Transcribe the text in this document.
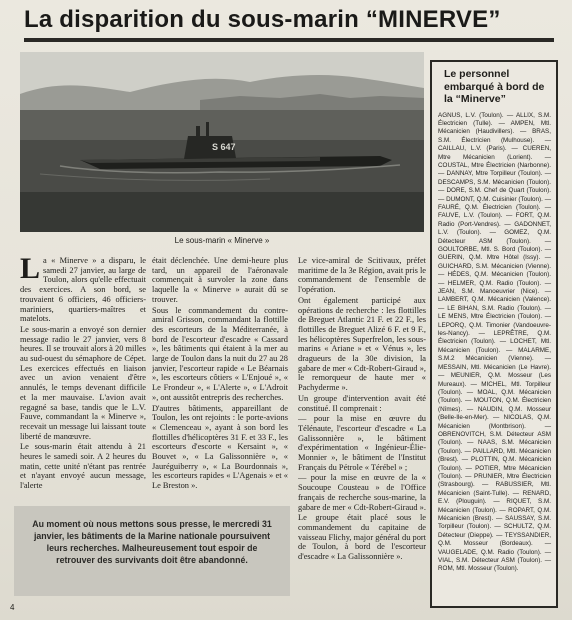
La disparition du sous-marin “MINERVE”
S 647
Le sous-marin « Minerve »

La « Minerve » a disparu, le samedi 27 janvier, au large de Toulon, alors qu'elle effectuait des exercices. A son bord, se trouvaient 6 officiers, 46 officiers-mariniers, quartiers-maîtres et matelots.

Le sous-marin a envoyé son dernier message radio le 27 janvier, vers 8 heures. Il se trouvait alors à 20 milles au sud-ouest du sémaphore de Cépet. Les exercices effectués en liaison avec un avion venaient d'être annulés, le temps devenant difficile et la mer mauvaise. L'avion avait regagné sa base, tandis que le L.V. Fauve, commandant la « Minerve », recevait un message lui laissant toute liberté de manœuvre.

Le sous-marin était attendu à 21 heures le samedi soir. A 2 heures du matin, cette unité n'étant pas rentrée et n'ayant envoyé aucun message, l'alerte

était déclenchée. Une demi-heure plus tard, un appareil de l'aéronavale commençait à survoler la zone dans laquelle la « Minerve » aurait dû se trouver.

Sous le commandement du contre-amiral Grisson, commandant la flottille des escorteurs de la Méditerranée, à bord de l'escorteur d'escadre « Cassard », les bâtiments qui étaient à la mer au large de Toulon dans la nuit du 27 au 28 janvier, l'escorteur rapide « Le Béarnais », les escorteurs côtiers « L'Enjoué », « Le Frondeur », « L'Alerte », « L'Adroit », ont aussitôt entrepris des recherches.

D'autres bâtiments, appareillant de Toulon, les ont rejoints : le porte-avions « Clemenceau », ayant à son bord les flottilles d'hélicoptères 31 F. et 33 F., les escorteurs d'escorte « Kersaint », « Bouvet », « La Galissonnière », « Jauréguiberry », « La Bourdonnais », les escorteurs rapides « L'Agenais » et « Le Breston ».

Le vice-amiral de Scitivaux, préfet maritime de la 3e Région, avait pris le commandement de l'ensemble de l'opération.

Ont également participé aux opérations de recherche : les flottilles de Breguet Atlantic 21 F. et 22 F., les flottilles de Breguet Alizé 6 F. et 9 F., les hélicoptères Superfrelon, les sous-marins « Ariane » et « Vénus », les dragueurs de la 30e division, la gabare de mer « Cdt-Robert-Giraud », le remorqueur de haute mer « Pachyderme ».

Un groupe d'intervention avait été constitué. Il comprenait :

— pour la mise en œuvre du Télénaute, l'escorteur d'escadre « La Galissonnière », le bâtiment d'expérimentation « Ingénieur-Élie-Monnier », le bâtiment de l'Institut Français du Pétrole « Térébel » ;

— pour la mise en œuvre de la « Soucoupe Cousteau » de l'Office français de recherche sous-marine, la gabare de mer « Cdt-Robert-Giraud ».

Le groupe était placé sous le commandement du capitaine de vaisseau Flichy, major général du port de Toulon, à bord de l'escorteur d'escadre « La Galissonnière ».

Au moment où nous mettons sous presse, le mercredi 31 janvier, les bâtiments de la Marine nationale poursuivent leurs recherches. Malheureusement tout espoir de retrouver des survivants doit être abandonné.

4
Le personnel embarqué à bord de la “Minerve”
AGNUS, L.V. (Toulon). — ALLIX, S.M. Électricien (Tulle). — AMPEN, Mtl. Mécanicien (Haudivillers). — BRAS, S.M. Électricien (Mulhouse). — CAILLAU, L.V. (Paris). — CUEREN, Mtre Mécanicien (Lorient). — COUSTAL, Mtre Électricien (Narbonne). — DANNAY, Mtre Torpilleur (Toulon). — DESCAMPS, S.M. Mécanicien (Toulon). — DORE, S.M. Chef de Quart (Toulon). — DUMONT, Q.M. Cuisinier (Toulon). — FAURÉ, Q.M. Électricien (Toulon). — FAUVE, L.V. (Toulon). — FORT, Q.M. Radio (Port-Vendres). — GADONNET, L.V. (Toulon). — GOMEZ, Q.M. Détecteur ASM (Toulon). — GOULTORBE, Mtl. S. Bord (Toulon). — GUERIN, Q.M. Mtre Hôtel (Issy). — GUICHARD, S.M. Mécanicien (Vienne). — HÉDES, Q.M. Mécanicien (Toulon). — HELMER, Q.M. Radio (Toulon). — JEAN, S.M. Manoeuvrier (Nice). — LAMBERT, Q.M. Mécanicien (Valence). — LE BIHAN, S.M. Radio (Toulon). — LE MENS, Mtre Électricien (Toulon). — LEPORQ, Q.M. Timonier (Vandoeuvre-les-Nancy). — LEPRÊTRE, Q.M. Électricien (Toulon). — LOCHET, Mtl. Mécanicien (Toulon). — MALARME, S.M.2 Mécanicien (Vienne). — MESSAIN, Mtl. Mécanicien (Le Havre). — MEUNIER, Q.M. Mosseur (Les Mureaux). — MICHEL, Mtl. Torpilleur (Toulon). — MOAL, Q.M. Mécanicien (Toulon). — MOUTON, Q.M. Électricien (Nîmes). — NAUDIN, Q.M. Mosseur (Belle-Ile-en-Mer). — NICOLAS, Q.M. Mécanicien (Montbrison). — OBRENOVITCH, S.M. Détecteur ASM (Toulon). — NAAS, S.M. Mécanicien (Toulon). — PAILLARD, Mtl. Mécanicien (Brest). — PLOTTIN, Q.M. Mécanicien (Toulon). — POTIER, Mtre Mécanicien (Toulon). — PRUNIER, Mtre Électricien (Strasbourg). — RABUSSIER, Mtl. Mécanicien (Saint-Tulle). — RENARD, E.V. (Plouguin). — RIQUET, S.M. Mécanicien (Toulon). — ROPART, Q.M. Mécanicien (Brest). — SAUSSAY, S.M. Torpilleur (Toulon). — SCHULTZ, Q.M. Détecteur (Dieppe). — TEYSSANDIER, Q.M. Mosseur (Bordeaux). — VAUGELADE, Q.M. Radio (Toulon). — VIAL, S.M. Détecteur ASM (Toulon). — ROM, Mtl. Mosseur (Toulon).
